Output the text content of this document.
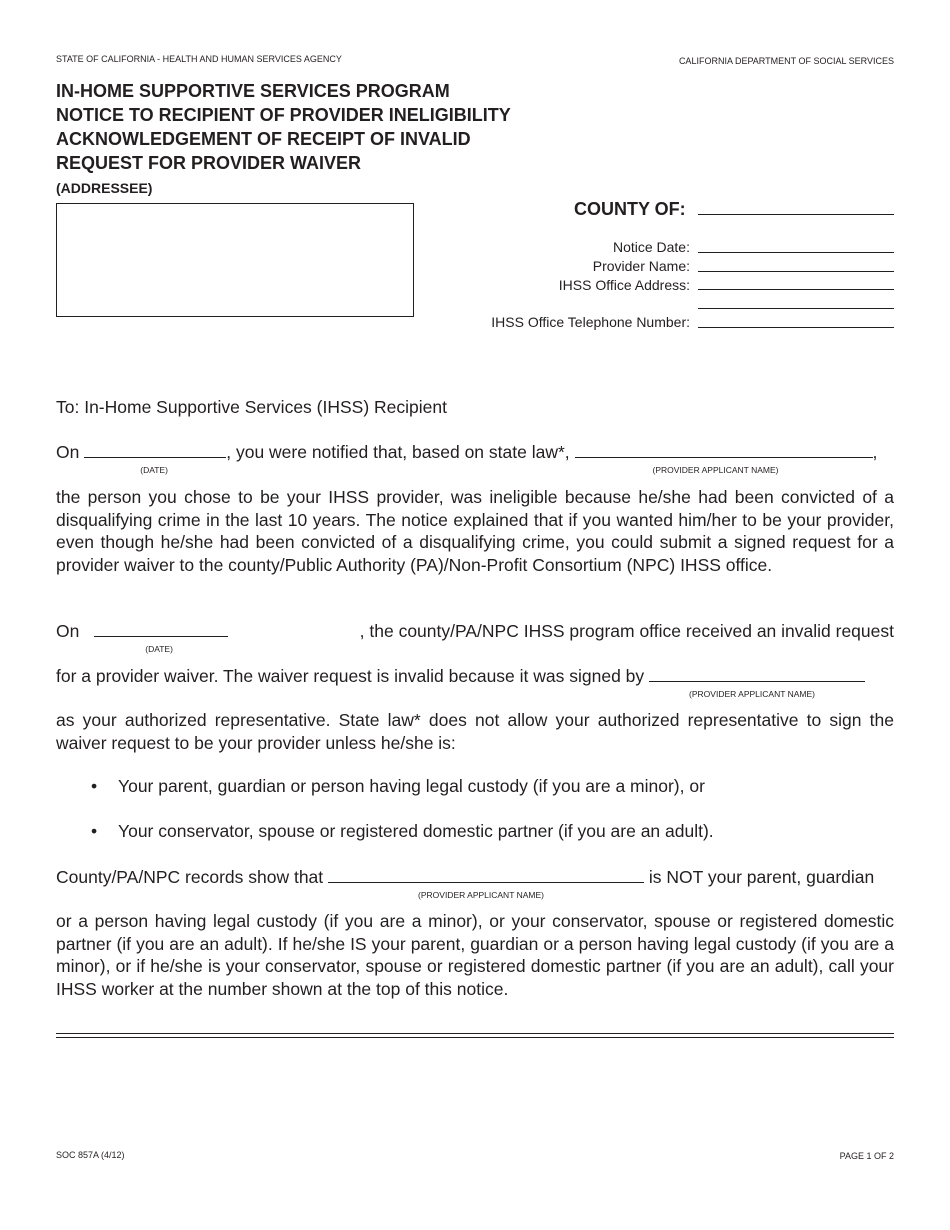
STATE OF CALIFORNIA - HEALTH AND HUMAN SERVICES AGENCY	CALIFORNIA DEPARTMENT OF SOCIAL SERVICES
IN-HOME SUPPORTIVE SERVICES PROGRAM
NOTICE TO RECIPIENT OF PROVIDER INELIGIBILITY
ACKNOWLEDGEMENT OF RECEIPT OF INVALID
REQUEST FOR PROVIDER WAIVER
(ADDRESSEE)
COUNTY OF:
Notice Date:
Provider Name:
IHSS Office Address:
IHSS Office Telephone Number:
To: In-Home Supportive Services (IHSS) Recipient
On
(DATE)
, you were notified that, based on state law*,
(PROVIDER APPLICANT NAME)
,
the person you chose to be your IHSS provider, was ineligible because he/she had been convicted of a disqualifying crime in the last 10 years. The notice explained that if you wanted him/her to be your provider, even though he/she had been convicted of a disqualifying crime, you could submit a signed request for a provider waiver to the county/Public Authority (PA)/Non-Profit Consortium (NPC) IHSS office.
On
(DATE)
, the county/PA/NPC IHSS program office received an invalid request
for a provider waiver. The waiver request is invalid because it was signed by
(PROVIDER APPLICANT NAME)
as your authorized representative. State law* does not allow your authorized representative to sign the waiver request to be your provider unless he/she is:
• Your parent, guardian or person having legal custody (if you are a minor), or
• Your conservator, spouse or registered domestic partner (if you are an adult).
County/PA/NPC records show that
(PROVIDER APPLICANT NAME)
is NOT your parent, guardian
or a person having legal custody (if you are a minor), or your conservator, spouse or registered domestic partner (if you are an adult). If he/she IS your parent, guardian or a person having legal custody (if you are a minor), or if he/she is your conservator, spouse or registered domestic partner (if you are an adult), call your IHSS worker at the number shown at the top of this notice.
SOC 857A (4/12)	PAGE 1 OF 2
